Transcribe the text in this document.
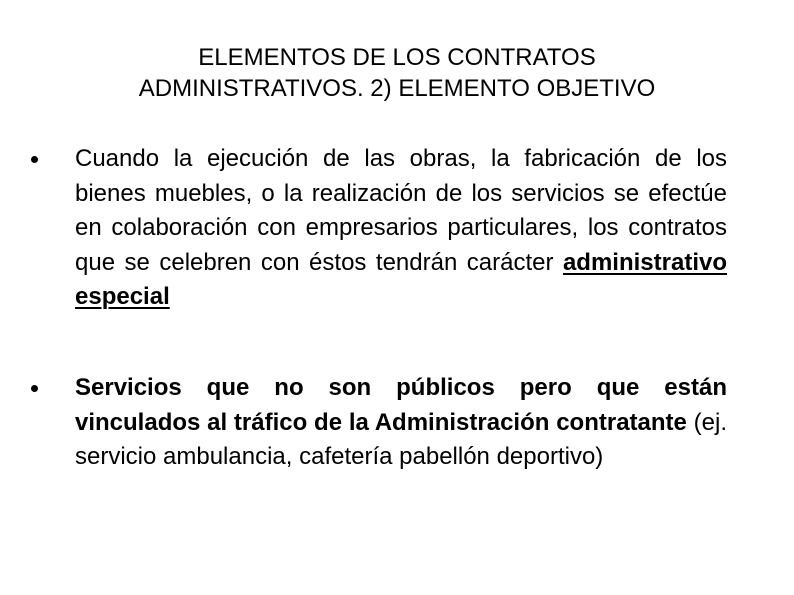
ELEMENTOS DE LOS CONTRATOS
ADMINISTRATIVOS. 2) ELEMENTO OBJETIVO
Cuando la ejecución de las obras, la fabricación de los bienes muebles, o la realización de los servicios se efectúe en colaboración con empresarios particulares, los contratos que se celebren con éstos tendrán carácter administrativo especial
Servicios que no son públicos pero que están vinculados al tráfico de la Administración contratante (ej. servicio ambulancia, cafetería pabellón deportivo)
